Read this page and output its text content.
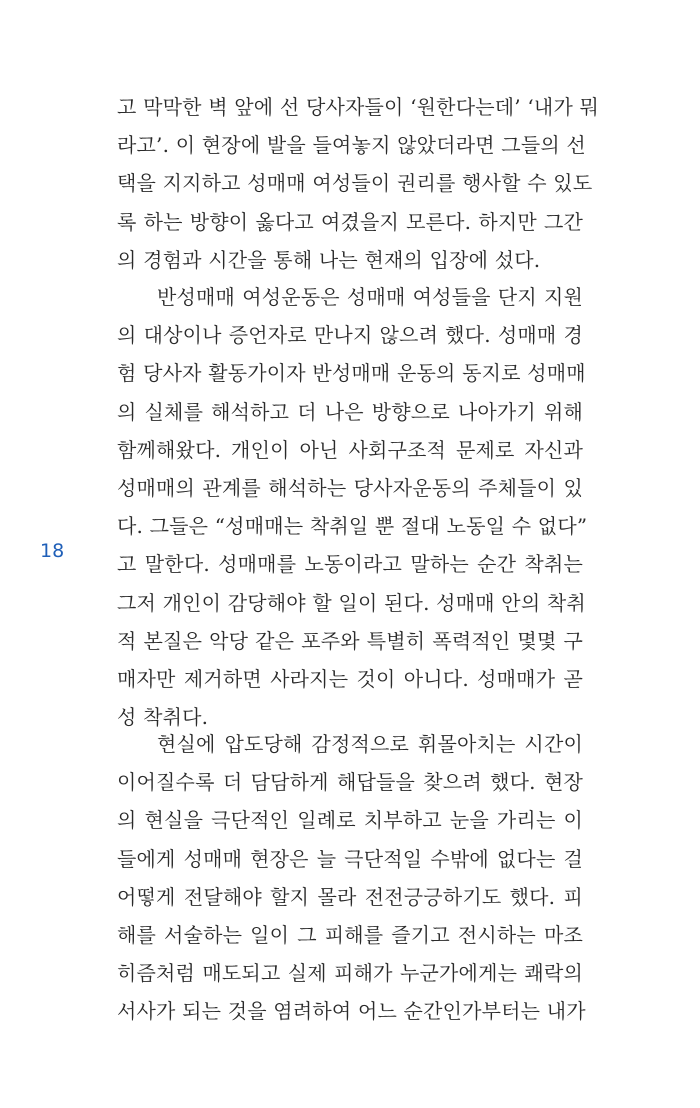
18
고 막막한 벽 앞에 선 당사자들이 ‘원한다는데’ ‘내가 뭐
라고’. 이 현장에 발을 들여놓지 않았더라면 그들의 선
택을 지지하고 성매매 여성들이 권리를 행사할 수 있도
록 하는 방향이 옳다고 여겼을지 모른다. 하지만 그간
의 경험과 시간을 통해 나는 현재의 입장에 섰다.
반성매매 여성운동은 성매매 여성들을 단지 지원
의 대상이나 증언자로 만나지 않으려 했다. 성매매 경
험 당사자 활동가이자 반성매매 운동의 동지로 성매매
의 실체를 해석하고 더 나은 방향으로 나아가기 위해
함께해왔다. 개인이 아닌 사회구조적 문제로 자신과
성매매의 관계를 해석하는 당사자운동의 주체들이 있
다. 그들은 “성매매는 착취일 뿐 절대 노동일 수 없다”
고 말한다. 성매매를 노동이라고 말하는 순간 착취는
그저 개인이 감당해야 할 일이 된다. 성매매 안의 착취
적 본질은 악당 같은 포주와 특별히 폭력적인 몇몇 구
매자만 제거하면 사라지는 것이 아니다. 성매매가 곧
성 착취다.
현실에 압도당해 감정적으로 휘몰아치는 시간이
이어질수록 더 담담하게 해답들을 찾으려 했다. 현장
의 현실을 극단적인 일례로 치부하고 눈을 가리는 이
들에게 성매매 현장은 늘 극단적일 수밖에 없다는 걸
어떻게 전달해야 할지 몰라 전전긍긍하기도 했다. 피
해를 서술하는 일이 그 피해를 즐기고 전시하는 마조
히즘처럼 매도되고 실제 피해가 누군가에게는 쾌락의
서사가 되는 것을 염려하여 어느 순간인가부터는 내가
